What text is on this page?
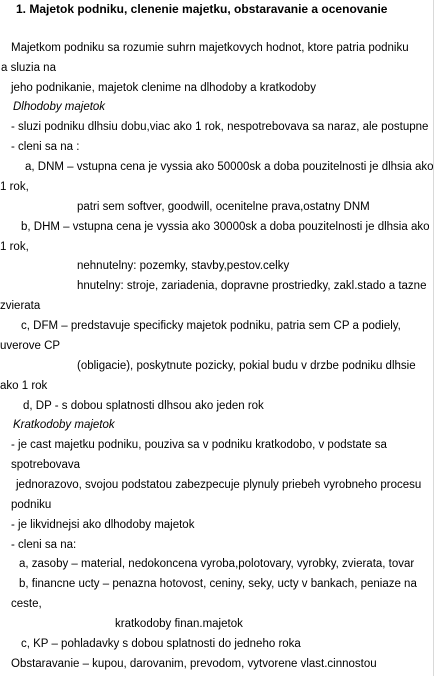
1. Majetok podniku, clenenie majetku, obstaravanie a ocenovanie
Majetkom podniku sa rozumie suhrn majetkovych hodnot, ktore patria podniku
a sluzia na
jeho podnikanie, majetok clenime na dlhodoby a kratkodoby
Dlhodoby majetok
- sluzi podniku dlhsiu dobu,viac ako 1 rok, nespotrebovava sa naraz, ale postupne
- cleni sa na :
a, DNM – vstupna cena je vyssia ako 50000sk a doba pouzitelnosti je dlhsia ako
1 rok,
patri sem softver, goodwill, ocenitelne prava,ostatny DNM
b, DHM – vstupna cena je vyssia ako 30000sk a doba pouzitelnosti je dlhsia ako
1 rok,
nehnutelny: pozemky, stavby,pestov.celky
hnutelny: stroje, zariadenia, dopravne prostriedky, zakl.stado a tazne
zvierata
c, DFM – predstavuje specificky majetok podniku, patria sem CP a podiely,
uverove CP
(obligacie), poskytnute pozicky, pokial budu v drzbe podniku dlhsie
ako 1 rok
d, DP - s dobou splatnosti dlhsou ako jeden rok
Kratkodoby majetok
- je cast majetku podniku, pouziva sa v podniku kratkodobo, v podstate sa
spotrebovava
jednorazovo, svojou podstatou zabezpecuje plynuly priebeh vyrobneho procesu
podniku
- je likvidnejsi ako dlhodoby majetok
- cleni sa na:
a, zasoby – material, nedokoncena vyroba,polotovary, vyrobky, zvierata, tovar
b, financne ucty – penazna hotovost, ceniny, seky, ucty v bankach, peniaze na
ceste,
kratkodoby finan.majetok
c, KP – pohladavky s dobou splatnosti do jedneho roka
Obstaravanie – kupou, darovanim, prevodom, vytvorene vlast.cinnostou
